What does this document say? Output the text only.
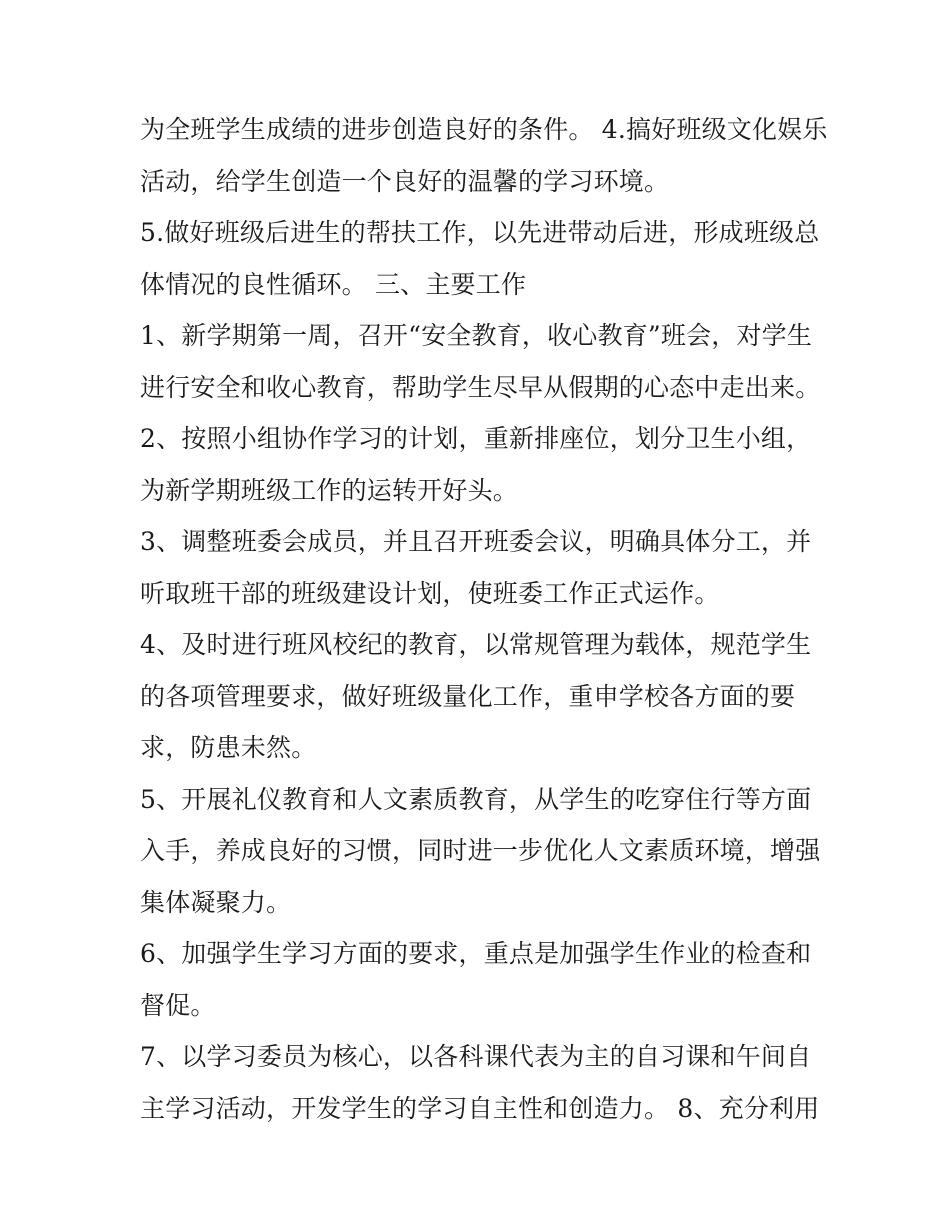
为全班学生成绩的进步创造良好的条件。 4.搞好班级文化娱乐
活动，给学生创造一个良好的温馨的学习环境。
5.做好班级后进生的帮扶工作，以先进带动后进，形成班级总
体情况的良性循环。 三、主要工作
1、新学期第一周，召开“安全教育，收心教育”班会，对学生
进行安全和收心教育，帮助学生尽早从假期的心态中走出来。
2、按照小组协作学习的计划，重新排座位，划分卫生小组，
为新学期班级工作的运转开好头。
3、调整班委会成员，并且召开班委会议，明确具体分工，并
听取班干部的班级建设计划，使班委工作正式运作。
4、及时进行班风校纪的教育，以常规管理为载体，规范学生
的各项管理要求，做好班级量化工作，重申学校各方面的要
求，防患未然。
5、开展礼仪教育和人文素质教育，从学生的吃穿住行等方面
入手，养成良好的习惯，同时进一步优化人文素质环境，增强
集体凝聚力。
6、加强学生学习方面的要求，重点是加强学生作业的检查和
督促。
7、以学习委员为核心，以各科课代表为主的自习课和午间自
主学习活动，开发学生的学习自主性和创造力。 8、充分利用
